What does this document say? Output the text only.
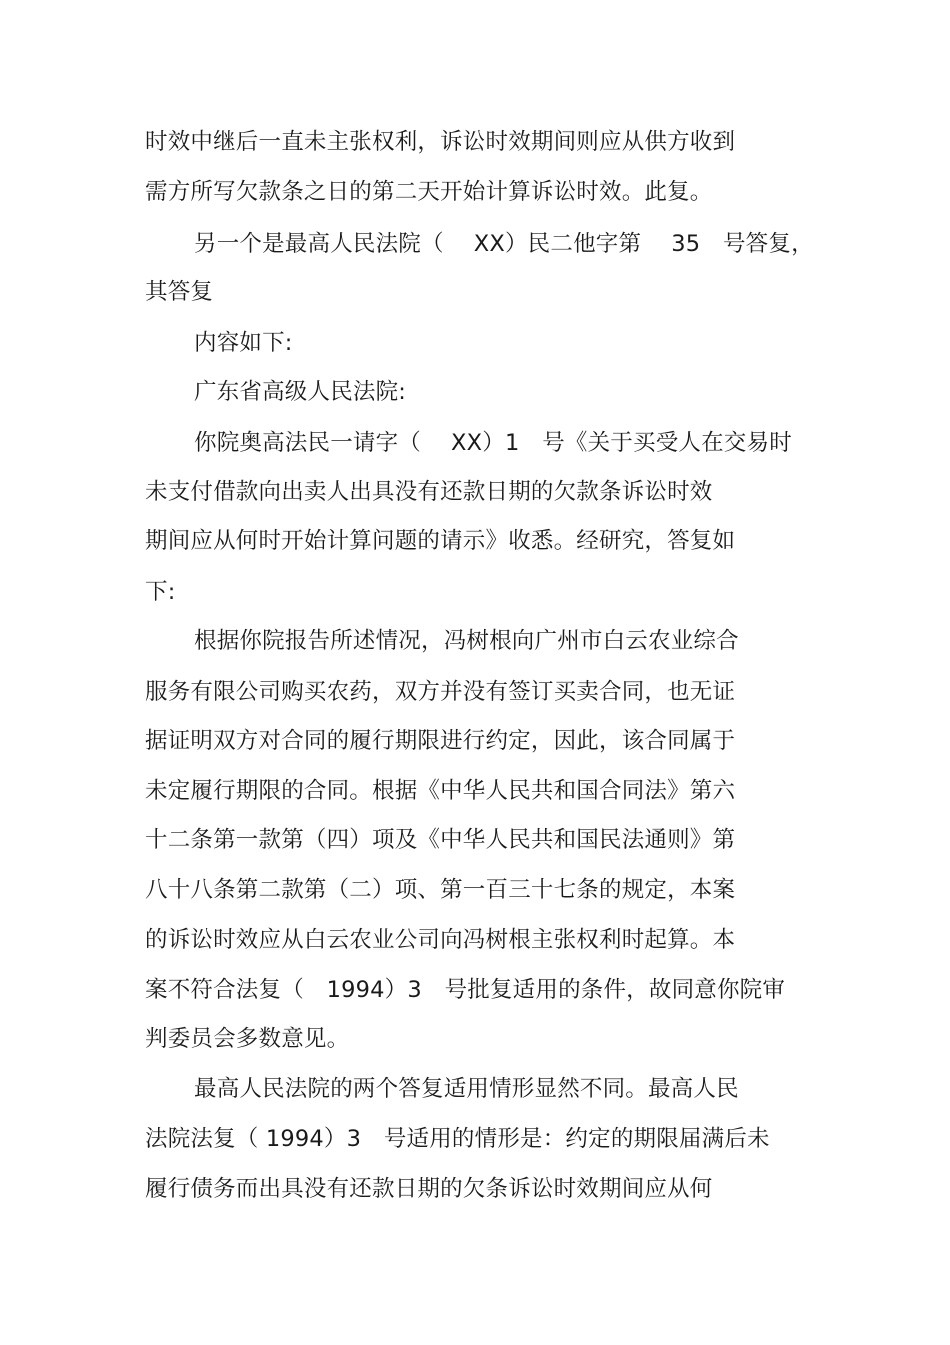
时效中继后一直未主张权利，诉讼时效期间则应从供方收到
需方所写欠款条之日的第二天开始计算诉讼时效。此复。
另一个是最高人民法院（　 XX）民二他字第　 35　号答复，
其答复
内容如下:
广东省高级人民法院:
你院奥高法民一请字（　 XX）1　号《关于买受人在交易时
未支付借款向出卖人出具没有还款日期的欠款条诉讼时效
期间应从何时开始计算问题的请示》收悉。经研究，答复如
下:
根据你院报告所述情况，冯树根向广州市白云农业综合
服务有限公司购买农药，双方并没有签订买卖合同，也无证
据证明双方对合同的履行期限进行约定，因此，该合同属于
未定履行期限的合同。根据《中华人民共和国合同法》第六
十二条第一款第（四）项及《中华人民共和国民法通则》第
八十八条第二款第（二）项、第一百三十七条的规定，本案
的诉讼时效应从白云农业公司向冯树根主张权利时起算。本
案不符合法复（　1994）3　号批复适用的条件，故同意你院审
判委员会多数意见。
最高人民法院的两个答复适用情形显然不同。最高人民
法院法复（ 1994）3　号适用的情形是：约定的期限届满后未
履行债务而出具没有还款日期的欠条诉讼时效期间应从何
